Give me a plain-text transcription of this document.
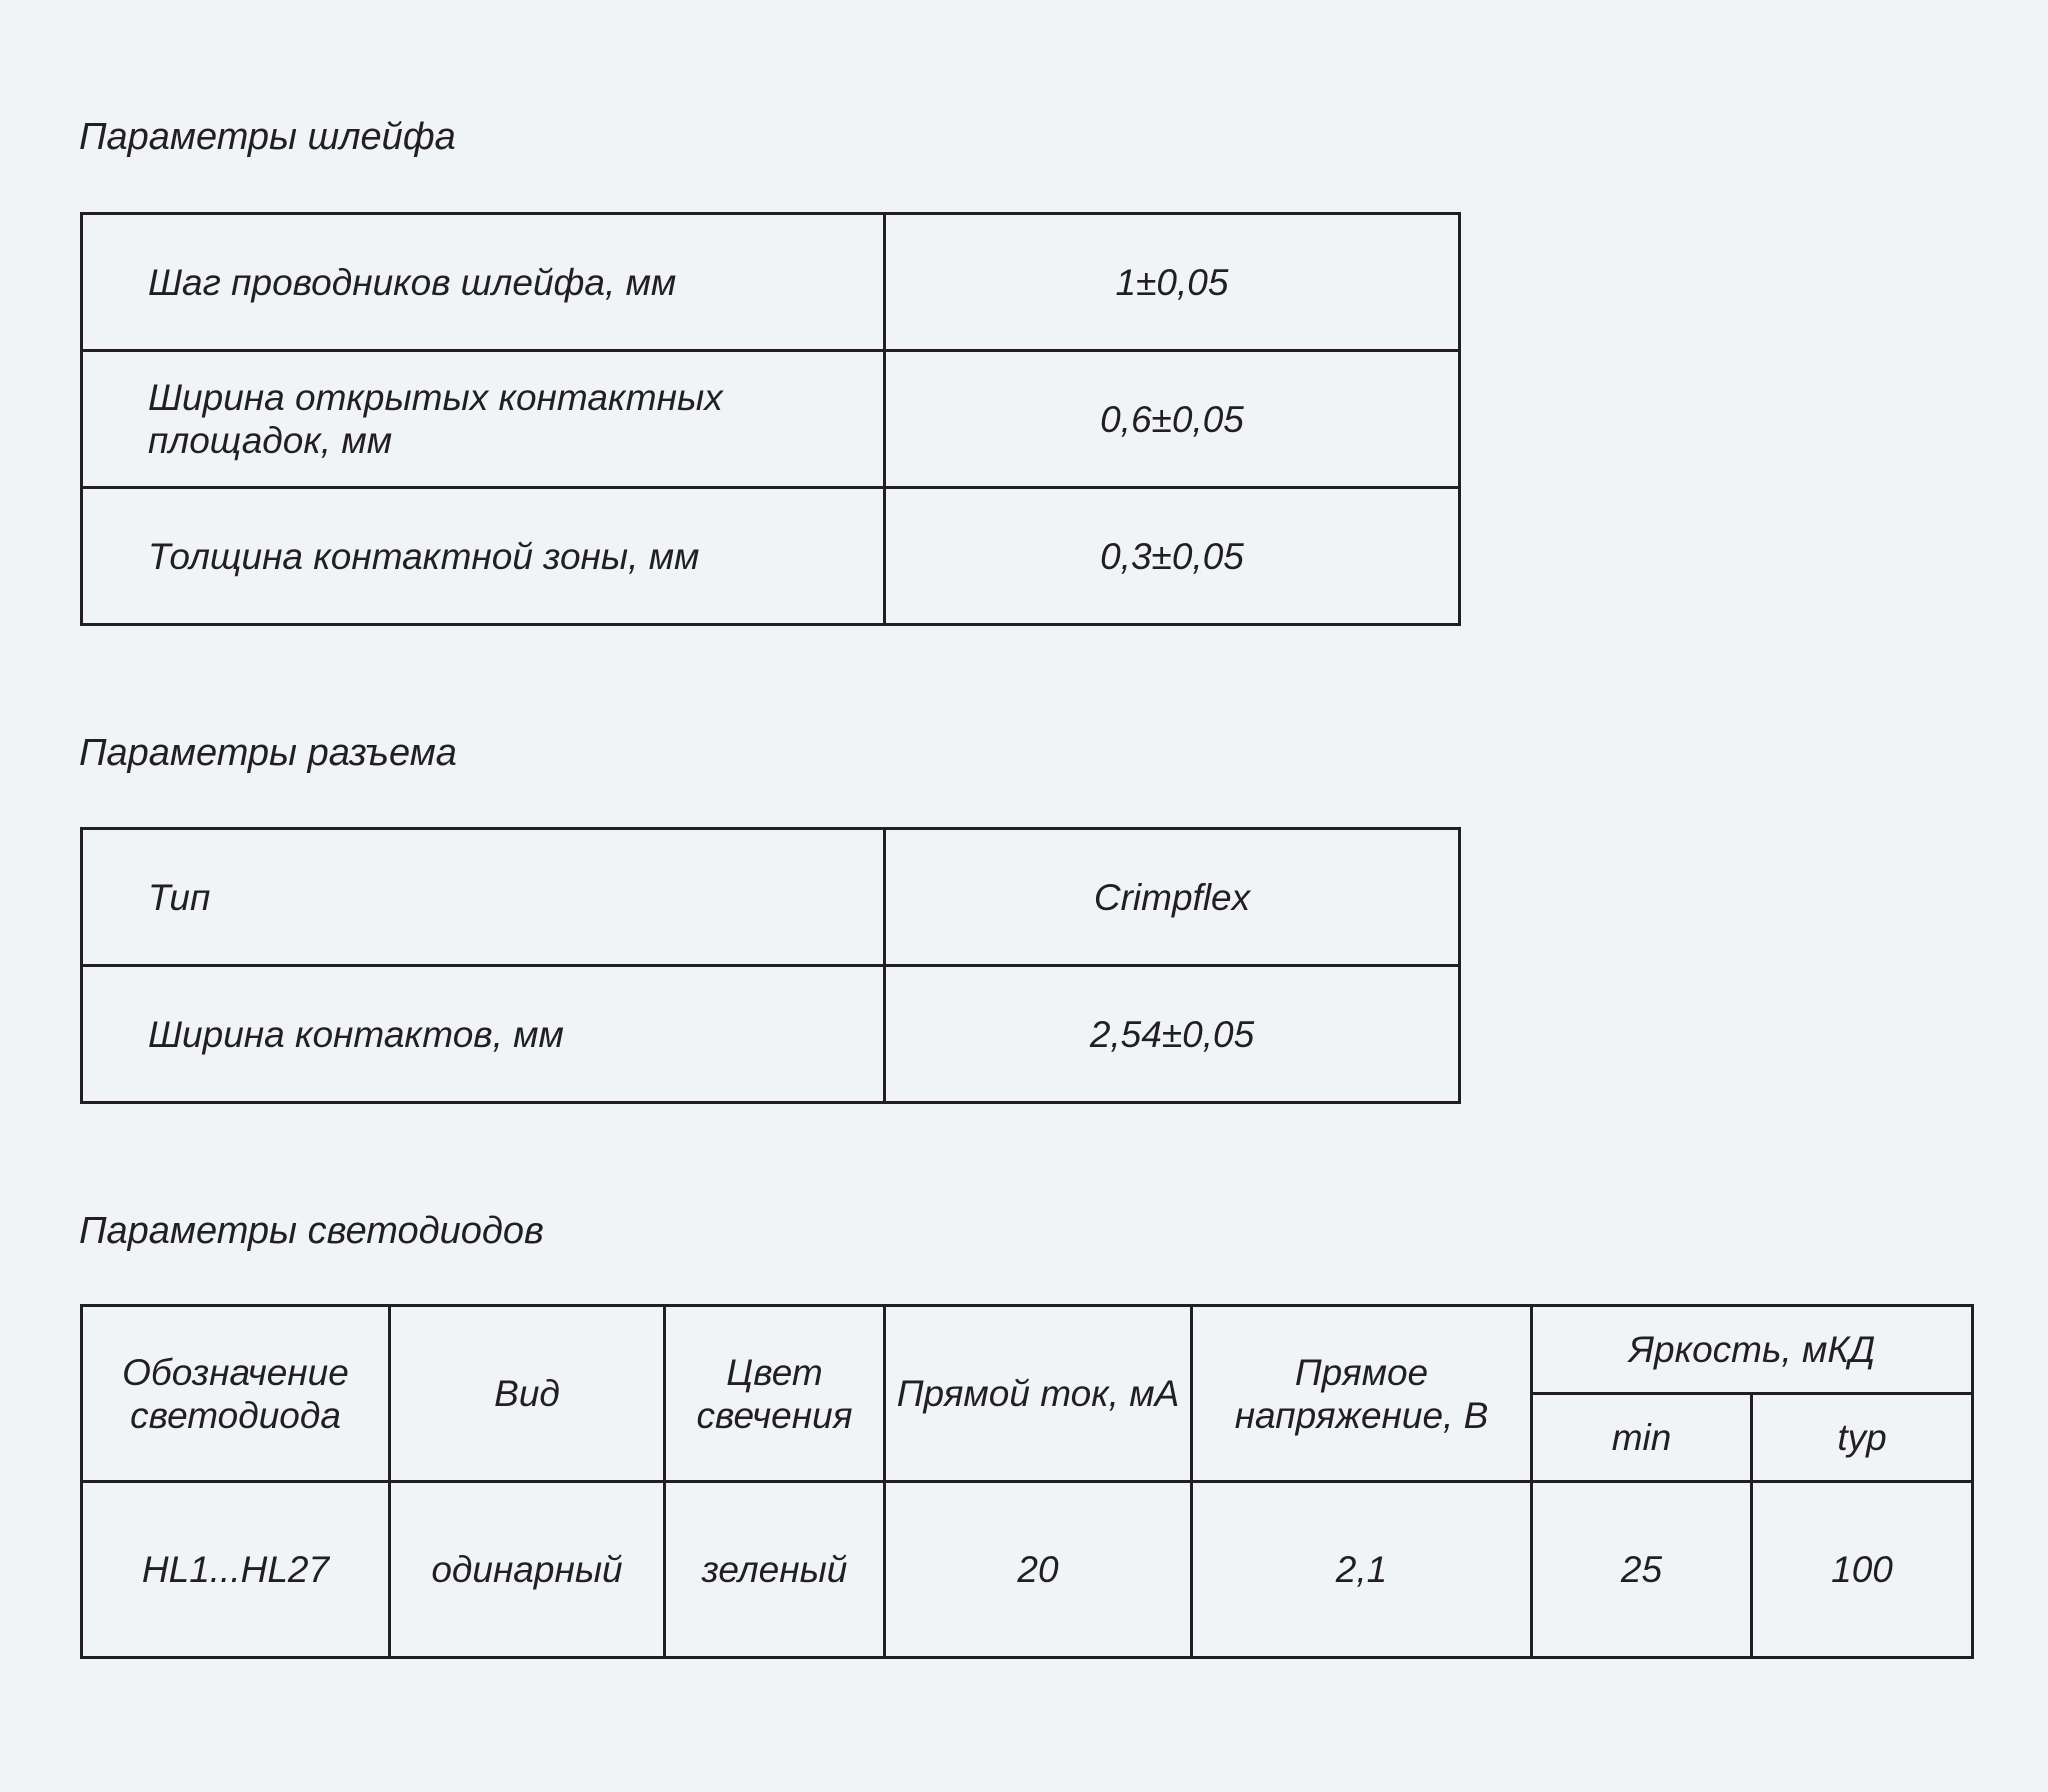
Параметры шлейфа
Шаг проводников шлейфа, мм	1±0,05
Ширина открытых контактных площадок, мм	0,6±0,05
Толщина контактной зоны, мм	0,3±0,05
Параметры разъема
Тип	Crimpflex
Ширина контактов, мм	2,54±0,05
Параметры светодиодов
Обозначение светодиода	Вид	Цвет свечения	Прямой ток, мА	Прямое напряжение, В	Яркость, мКД	
					min	typ
HL1...HL27	одинарный	зеленый	20	2,1	25	100
